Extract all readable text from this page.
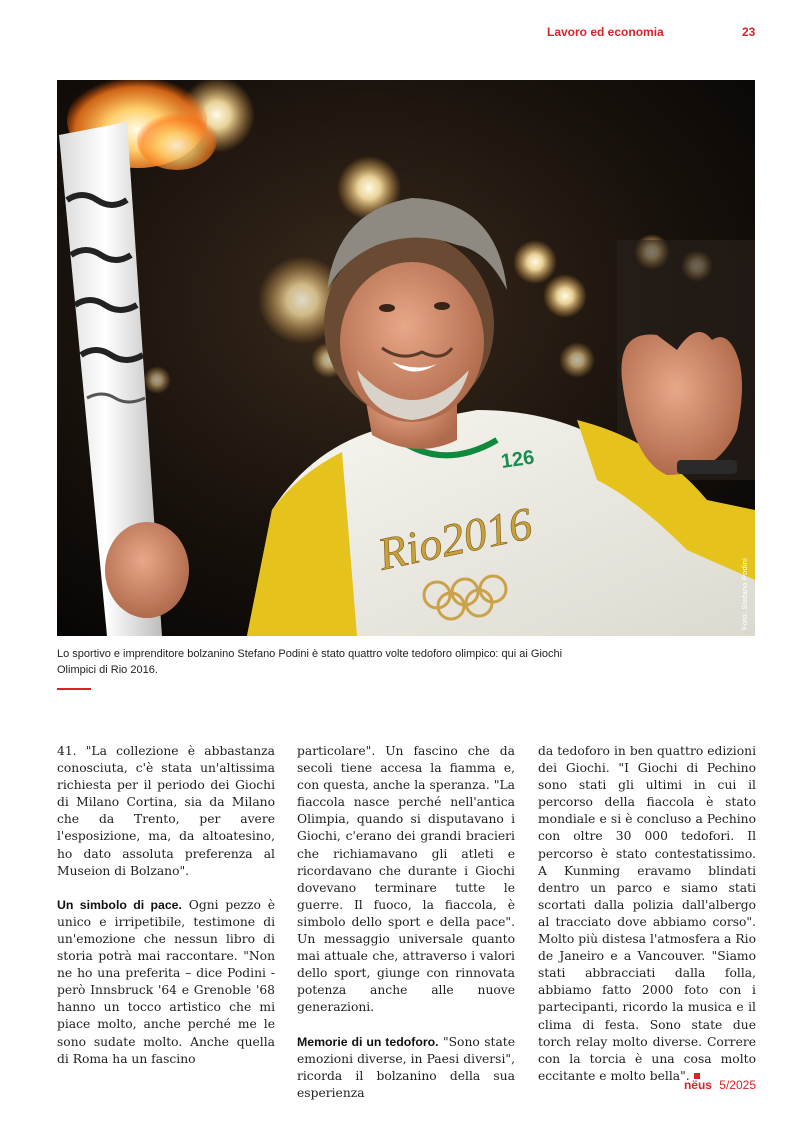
Lavoro ed economia	23
Rio2016
126
Foto: Stefano Podini
Lo sportivo e imprenditore bolzanino Stefano Podini è stato quattro volte tedoforo olimpico: qui ai Giochi Olimpici di Rio 2016.

41. "La collezione è abbastanza conosciuta, c'è stata un'altissima richiesta per il periodo dei Giochi di Milano Cortina, sia da Milano che da Trento, per avere l'esposizione, ma, da altoatesino, ho dato assoluta preferenza al Museion di Bolzano".

Un simbolo di pace. Ogni pezzo è unico e irripetibile, testimone di un'emozione che nessun libro di storia potrà mai raccontare. "Non ne ho una preferita – dice Podini - però Innsbruck '64 e Grenoble '68 hanno un tocco artistico che mi piace molto, anche perché me le sono sudate molto. Anche quella di Roma ha un fascino

particolare". Un fascino che da secoli tiene accesa la fiamma e, con questa, anche la speranza. "La fiaccola nasce perché nell'antica Olimpia, quando si disputavano i Giochi, c'erano dei grandi bracieri che richiamavano gli atleti e ricordavano che durante i Giochi dovevano terminare tutte le guerre. Il fuoco, la fiaccola, è simbolo dello sport e della pace". Un messaggio universale quanto mai attuale che, attraverso i valori dello sport, giunge con rinnovata potenza anche alle nuove generazioni.

Memorie di un tedoforo. "Sono state emozioni diverse, in Paesi diversi", ricorda il bolzanino della sua esperienza

da tedoforo in ben quattro edizioni dei Giochi. "I Giochi di Pechino sono stati gli ultimi in cui il percorso della fiaccola è stato mondiale e si è concluso a Pechino con oltre 30 000 tedofori. Il percorso è stato contestatissimo. A Kunming eravamo blindati dentro un parco e siamo stati scortati dalla polizia dall'albergo al tracciato dove abbiamo corso". Molto più distesa l'atmosfera a Rio de Janeiro e a Vancouver. "Siamo stati abbracciati dalla folla, abbiamo fatto 2000 foto con i partecipanti, ricordo la musica e il clima di festa. Sono state due torch relay molto diverse. Correre con la torcia è una cosa molto eccitante e molto bella".

nëus 5/2025
